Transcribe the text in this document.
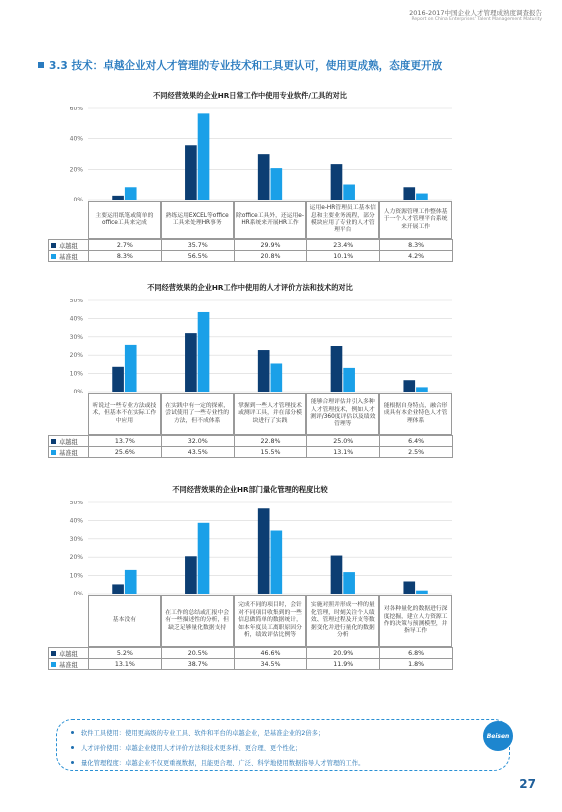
2016-2017中国企业人才管理成熟度调查报告
Report on China Enterprises' Talent Management Maturity
3.3 技术：卓越企业对人才管理的专业技术和工具更认可，使用更成熟，态度更开放
不同经营效果的企业HR日常工作中使用专业软件/工具的对比
0%
20%
40%
60%
主要运用纸笔或简单的office工具来完成
熟练运用EXCEL等office工具来处理HR事务
除office工具外，还运用e-HR系统来开展HR工作
运用e-HR管理员工基本信息和主要业务流程，部分模块应用了专业的人才管理平台
人力资源管理工作整体基于一个人才管理平台系统来开展工作
卓越组	2.7%	35.7%	29.9%	23.4%	8.3%
基准组	8.3%	56.5%	20.8%	10.1%	4.2%
不同经营效果的企业HR工作中使用的人才评价方法和技术的对比
0%
10%
20%
30%
40%
50%
听说过一些专业方法或技术，但基本不在实际工作中应用
在实践中有一定的探索，尝试使用了一些专业性的方法，但不成体系
掌握到一些人才管理技术或测评工具，并在部分模块进行了实践
能够合理评估并引入多种人才管理技术，例如人才测评/360度评估以及绩效管理等
能根据自身特点，融合形成具有本企业特色人才管理体系
卓越组	13.7%	32.0%	22.8%	25.0%	6.4%
基准组	25.6%	43.5%	15.5%	13.1%	2.5%
不同经营效果的企业HR部门量化管理的程度比较
0%
10%
20%
30%
40%
50%
基本没有
在工作的总结或汇报中会有一些描述性的分析，但缺乏足够量化数据支持
完成不同的项目时，会针对不同项目收集到的一些信息做简单的数据统计，如本年度员工离职原因分析，绩效评估比例等
实施对照并形成一样的量化管理，时刻关注个人绩效、管理过程及开支等数据变化并进行量化的数据分析
对各种量化的数据进行深度挖掘，建立人力资源工作的决策与预测模型，并指导工作
卓越组	5.2%	20.5%	46.6%	20.9%	6.8%
基准组	13.1%	38.7%	34.5%	11.9%	1.8%
软件工具使用：使用更高级的专业工具、软件和平台的卓越企业，是基准企业的2倍多；
人才评价使用：卓越企业使用人才评价方法和技术更多样、更合理、更个性化；
量化管理程度：卓越企业不仅更重视数据，且能更合理、广泛、科学地使用数据指导人才管理的工作。
Beisen
27
